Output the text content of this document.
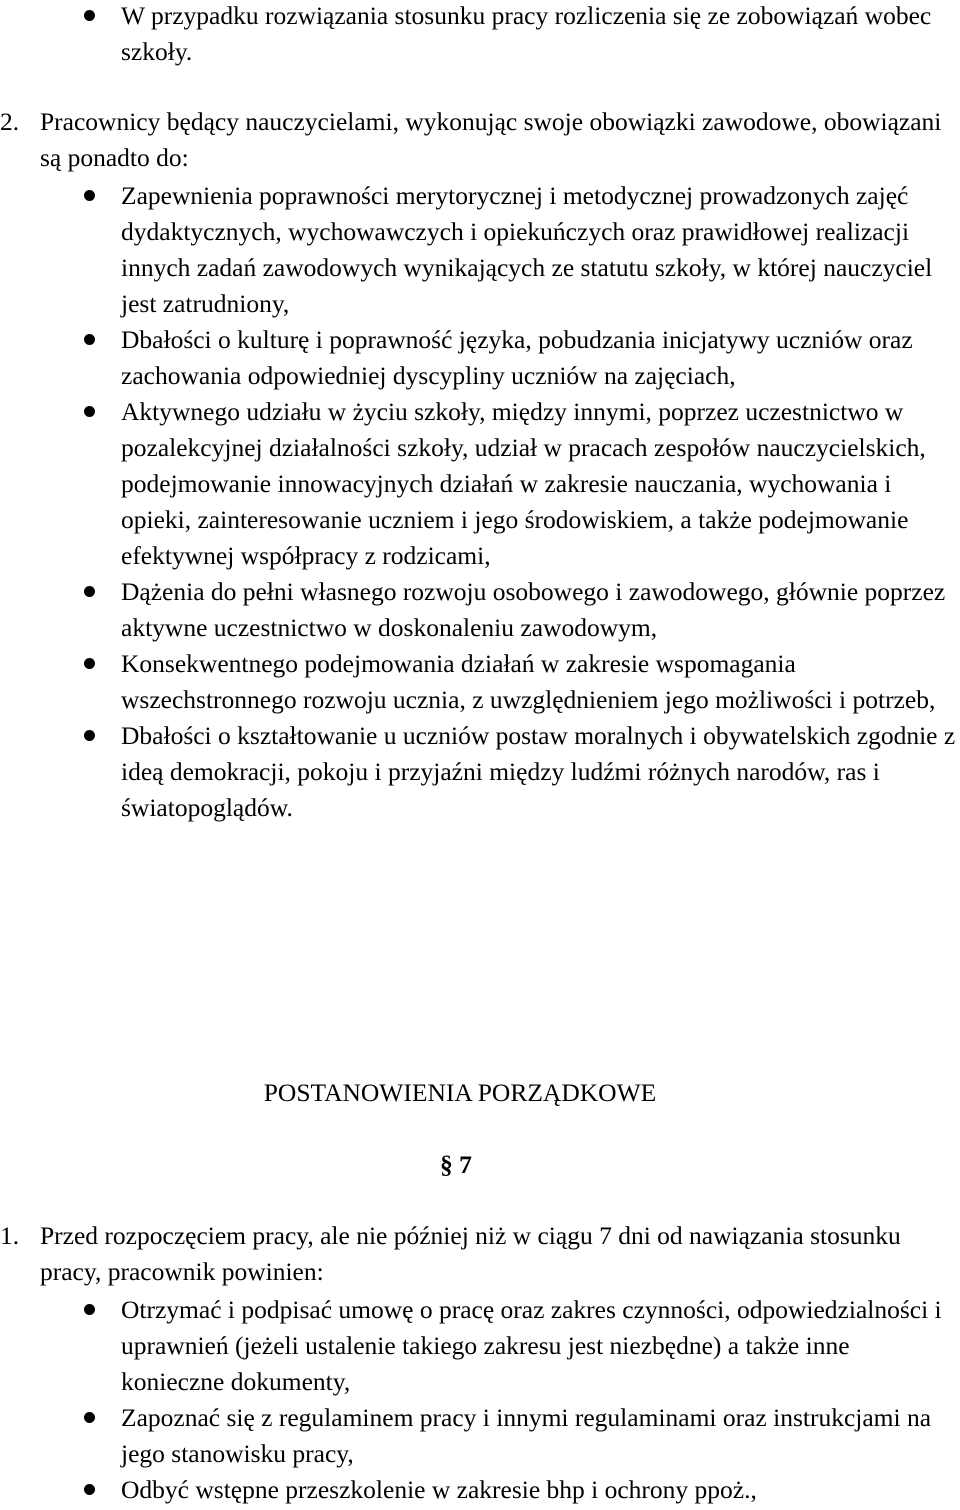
W przypadku rozwiązania stosunku pracy rozliczenia się ze zobowiązań wobec szkoły.

2. Pracownicy będący nauczycielami, wykonując swoje obowiązki zawodowe, obowiązani są ponadto do:

Zapewnienia poprawności merytorycznej i metodycznej prowadzonych zajęć dydaktycznych, wychowawczych i opiekuńczych oraz prawidłowej realizacji innych zadań zawodowych wynikających ze statutu szkoły, w której nauczyciel jest zatrudniony,
Dbałości o kulturę i poprawność języka, pobudzania inicjatywy uczniów oraz zachowania odpowiedniej dyscypliny uczniów na zajęciach,
Aktywnego udziału w życiu szkoły, między innymi, poprzez uczestnictwo w pozalekcyjnej działalności szkoły, udział w pracach zespołów nauczycielskich, podejmowanie innowacyjnych działań w zakresie nauczania, wychowania i opieki, zainteresowanie uczniem i jego środowiskiem, a także podejmowanie efektywnej współpracy z rodzicami,
Dążenia do pełni własnego rozwoju osobowego i zawodowego, głównie poprzez aktywne uczestnictwo w doskonaleniu zawodowym,
Konsekwentnego podejmowania działań w zakresie wspomagania wszechstronnego rozwoju ucznia, z uwzględnieniem jego możliwości i potrzeb,
Dbałości o kształtowanie u uczniów postaw moralnych i obywatelskich zgodnie z ideą demokracji, pokoju i przyjaźni między ludźmi różnych narodów, ras i światopoglądów.

POSTANOWIENIA PORZĄDKOWE

§ 7

1. Przed rozpoczęciem pracy, ale nie później niż w ciągu 7 dni od nawiązania stosunku pracy, pracownik powinien:

Otrzymać i podpisać umowę o pracę oraz zakres czynności, odpowiedzialności i uprawnień (jeżeli ustalenie takiego zakresu jest niezbędne) a także inne konieczne dokumenty,
Zapoznać się z regulaminem pracy i innymi regulaminami oraz instrukcjami na jego stanowisku pracy,
Odbyć wstępne przeszkolenie w zakresie bhp i ochrony ppoż.,
